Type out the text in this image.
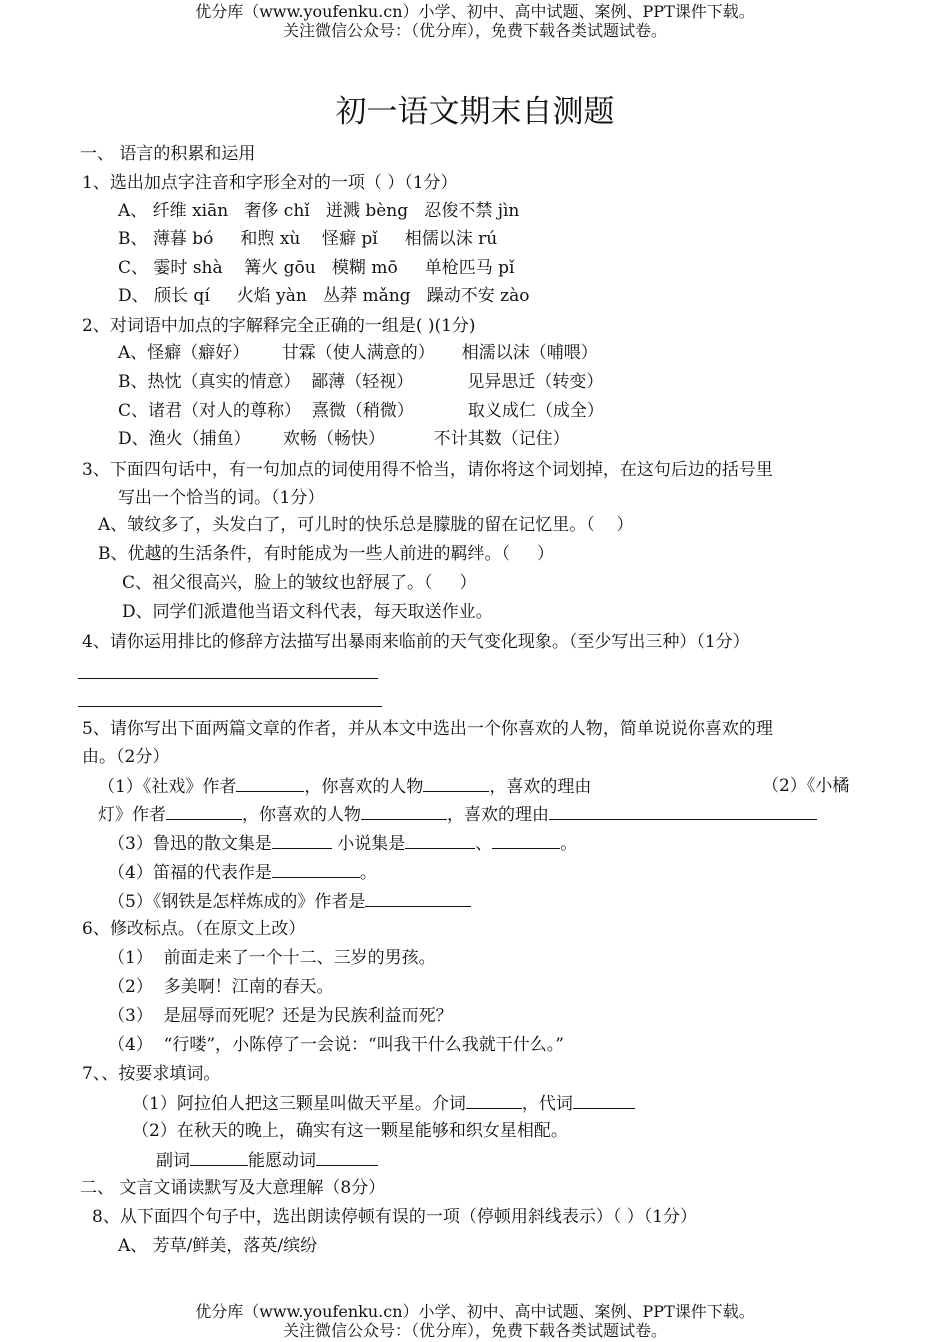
优分库（www.youfenku.cn）小学、初中、高中试题、案例、PPT课件下载。
关注微信公众号：（优分库），免费下载各类试题试卷。
初一语文期末自测题
一、 语言的积累和运用
1、选出加点字注音和字形全对的一项（ ）（1分）
A、 纤维 xiān   奢侈 chǐ   迸溅 bèng   忍俊不禁 jìn
B、 薄暮 bó     和煦 xù    怪癖 pǐ     相儒以沫 rú
C、 霎时 shà    篝火 gōu   模糊 mō     单枪匹马 pǐ
D、 颀长 qí     火焰 yàn   丛莽 mǎng   躁动不安 zào
2、对词语中加点的字解释完全正确的一组是( )(1分)
A、怪癖（癖好）      甘霖（使人满意的）     相濡以沫（哺喂）
B、热忱（真实的情意）  鄙薄（轻视）          见异思迁（转变）
C、诸君（对人的尊称）  熹微（稍微）          取义成仁（成全）
D、渔火（捕鱼）      欢畅（畅快）         不计其数（记住）
3、下面四句话中，有一句加点的词使用得不恰当，请你将这个词划掉，在这句后边的括号里
写出一个恰当的词。（1分）
A、皱纹多了，头发白了，可儿时的快乐总是朦胧的留在记忆里。（    ）
B、优越的生活条件，有时能成为一些人前进的羁绊。（     ）
C、祖父很高兴，脸上的皱纹也舒展了。（     ）
D、同学们派遣他当语文科代表，每天取送作业。
4、请你运用排比的修辞方法描写出暴雨来临前的天气变化现象。（至少写出三种）（1分）
5、请你写出下面两篇文章的作者，并从本文中选出一个你喜欢的人物，简单说说你喜欢的理
由。（2分）
（1）《社戏》作者	，你喜欢的人物	，喜欢的理由	（2）《小橘
灯》作者	，你喜欢的人物	，喜欢的理由
（3）鲁迅的散文集是	小说集是	、	。
（4）笛福的代表作是	。
（5）《钢铁是怎样炼成的》作者是
6、修改标点。（在原文上改）
（1）  前面走来了一个十二、三岁的男孩。
（2）  多美啊！江南的春天。
（3）  是屈辱而死呢？还是为民族利益而死？
（4）  “行喽”，小陈停了一会说：“叫我干什么我就干什么。”
7、、按要求填词。
（1）阿拉伯人把这三颗星叫做天平星。介词	，代词
（2）在秋天的晚上，确实有这一颗星能够和织女星相配。
副词	能愿动词
二、 文言文诵读默写及大意理解（8分）
8、从下面四个句子中，选出朗读停顿有误的一项（停顿用斜线表示）（ ）（1分）
A、 芳草/鲜美，落英/缤纷
优分库（www.youfenku.cn）小学、初中、高中试题、案例、PPT课件下载。
关注微信公众号：（优分库），免费下载各类试题试卷。
